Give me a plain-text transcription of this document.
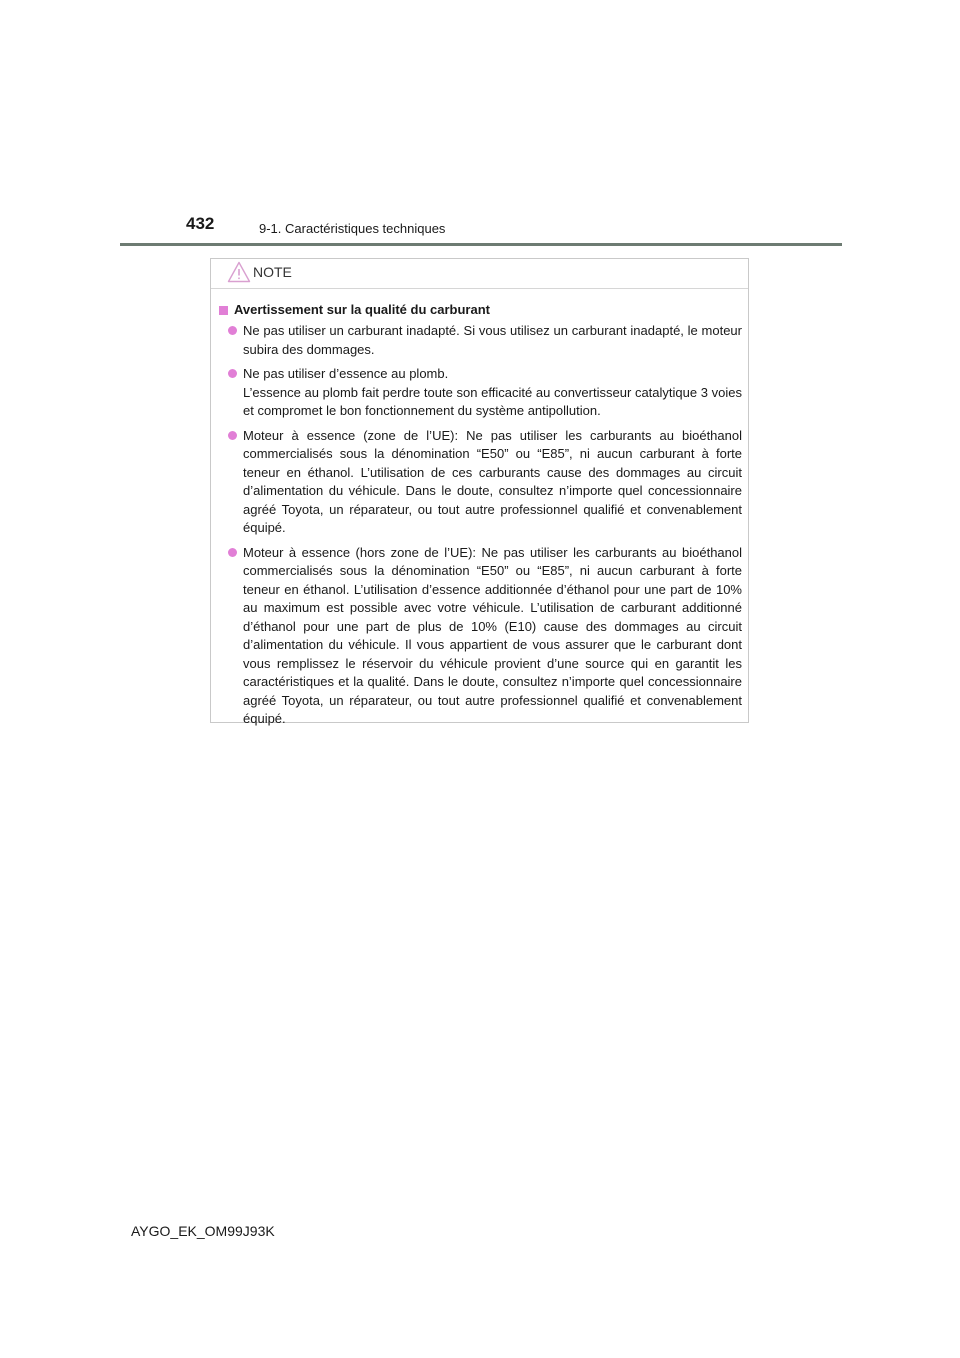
432	9-1. Caractéristiques techniques
NOTE
Avertissement sur la qualité du carburant

Ne pas utiliser un carburant inadapté. Si vous utilisez un carburant inadapté, le moteur subira des dommages.

Ne pas utiliser d’essence au plomb.

L’essence au plomb fait perdre toute son efficacité au convertisseur catalytique 3 voies et compromet le bon fonctionnement du système antipollution.

Moteur à essence (zone de l’UE): Ne pas utiliser les carburants au bioéthanol commercialisés sous la dénomination “E50” ou “E85”, ni aucun carburant à forte teneur en éthanol. L’utilisation de ces carburants cause des dommages au circuit d’alimentation du véhicule. Dans le doute, consultez n’importe quel concessionnaire agréé Toyota, un réparateur, ou tout autre professionnel qualifié et convenablement équipé.

Moteur à essence (hors zone de l’UE): Ne pas utiliser les carburants au bioéthanol commercialisés sous la dénomination “E50” ou “E85”, ni aucun carburant à forte teneur en éthanol. L’utilisation d’essence additionnée d’éthanol pour une part de 10% au maximum est possible avec votre véhicule. L’utilisation de carburant additionné d’éthanol pour une part de plus de 10% (E10) cause des dommages au circuit d’alimentation du véhicule. Il vous appartient de vous assurer que le carburant dont vous remplissez le réservoir du véhicule provient d’une source qui en garantit les caractéristiques et la qualité. Dans le doute, consultez n’importe quel concessionnaire agréé Toyota, un réparateur, ou tout autre professionnel qualifié et convenablement équipé.

AYGO_EK_OM99J93K
